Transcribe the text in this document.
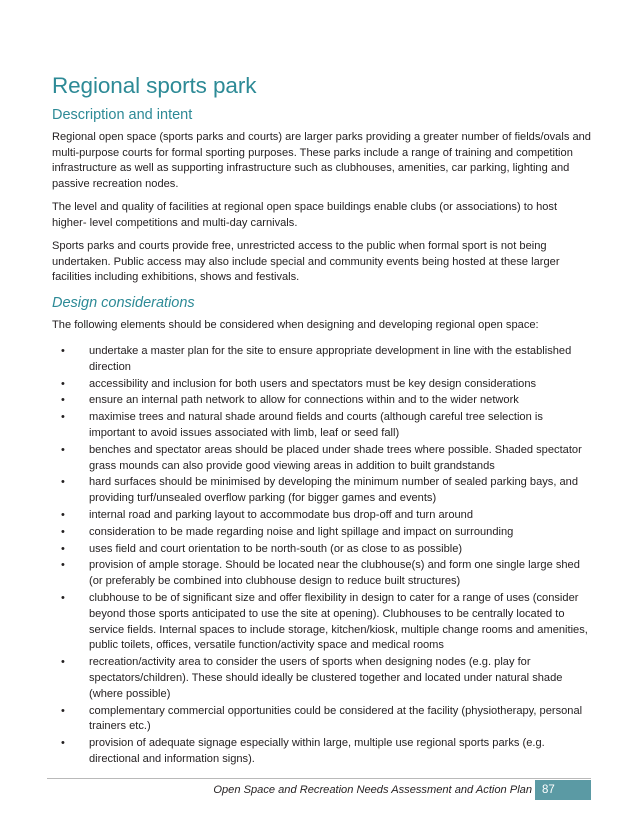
Regional sports park
Description and intent

Regional open space (sports parks and courts) are larger parks providing a greater number of fields/ovals and multi-purpose courts for formal sporting purposes. These parks include a range of training and competition infrastructure as well as supporting infrastructure such as clubhouses, amenities, car parking, lighting and passive recreation nodes.

The level and quality of facilities at regional open space buildings enable clubs (or associations) to host higher- level competitions and multi-day carnivals.

Sports parks and courts provide free, unrestricted access to the public when formal sport is not being undertaken. Public access may also include special and community events being hosted at these larger facilities including exhibitions, shows and festivals.

Design considerations

The following elements should be considered when designing and developing regional open space:

• undertake a master plan for the site to ensure appropriate development in line with the established direction
• accessibility and inclusion for both users and spectators must be key design considerations
• ensure an internal path network to allow for connections within and to the wider network
• maximise trees and natural shade around fields and courts (although careful tree selection is important to avoid issues associated with limb, leaf or seed fall)
• benches and spectator areas should be placed under shade trees where possible. Shaded spectator grass mounds can also provide good viewing areas in addition to built grandstands
• hard surfaces should be minimised by developing the minimum number of sealed parking bays, and providing turf/unsealed overflow parking (for bigger games and events)
• internal road and parking layout to accommodate bus drop-off and turn around
• consideration to be made regarding noise and light spillage and impact on surrounding
• uses field and court orientation to be north-south (or as close to as possible)
• provision of ample storage. Should be located near the clubhouse(s) and form one single large shed (or preferably be combined into clubhouse design to reduce built structures)
• clubhouse to be of significant size and offer flexibility in design to cater for a range of uses (consider beyond those sports anticipated to use the site at opening). Clubhouses to be centrally located to service fields. Internal spaces to include storage, kitchen/kiosk, multiple change rooms and amenities, public toilets, offices, versatile function/activity space and medical rooms
• recreation/activity area to consider the users of sports when designing nodes (e.g. play for spectators/children). These should ideally be clustered together and located under natural shade (where possible)
• complementary commercial opportunities could be considered at the facility (physiotherapy, personal trainers etc.)
• provision of adequate signage especially within large, multiple use regional sports parks (e.g. directional and information signs).
Open Space and Recreation Needs Assessment and Action Plan 87
